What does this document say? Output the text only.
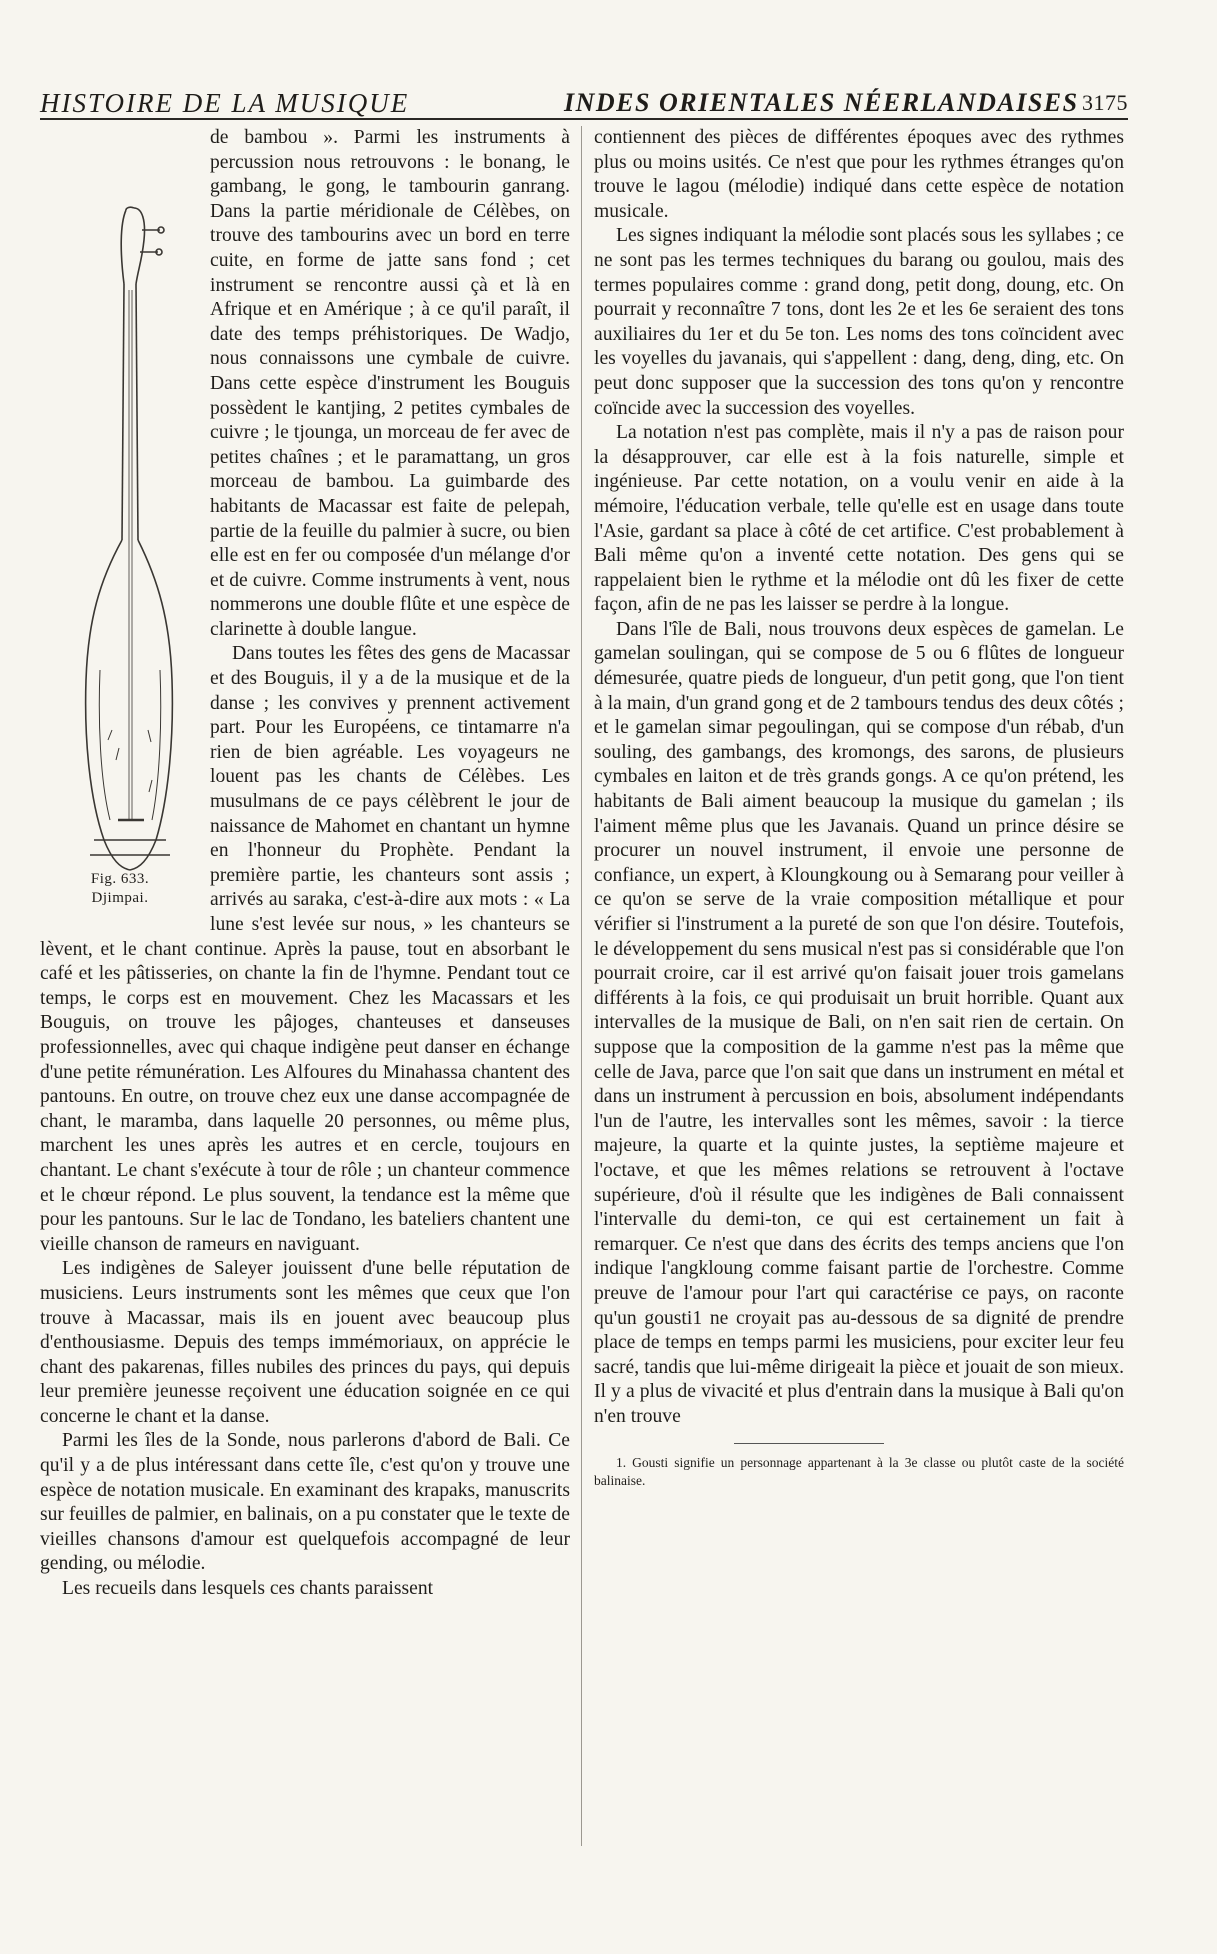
HISTOIRE DE LA MUSIQUE	INDES ORIENTALES NÉERLANDAISES 3175
Fig. 633.
Djimpai.

de bambou ». Parmi les instruments à percussion nous retrouvons : le bonang, le gambang, le gong, le tambourin ganrang. Dans la partie méridionale de Célèbes, on trouve des tambourins avec un bord en terre cuite, en forme de jatte sans fond ; cet instrument se rencontre aussi çà et là en Afrique et en Amérique ; à ce qu'il paraît, il date des temps préhistoriques. De Wadjo, nous connaissons une cymbale de cuivre. Dans cette espèce d'instrument les Bouguis possèdent le kantjing, 2 petites cymbales de cuivre ; le tjounga, un morceau de fer avec de petites chaînes ; et le paramattang, un gros morceau de bambou. La guimbarde des habitants de Macassar est faite de pelepah, partie de la feuille du palmier à sucre, ou bien elle est en fer ou composée d'un mélange d'or et de cuivre. Comme instruments à vent, nous nommerons une double flûte et une espèce de clarinette à double langue.

Dans toutes les fêtes des gens de Macassar et des Bouguis, il y a de la musique et de la danse ; les convives y prennent activement part. Pour les Européens, ce tintamarre n'a rien de bien agréable. Les voyageurs ne louent pas les chants de Célèbes. Les musulmans de ce pays célèbrent le jour de naissance de Mahomet en chantant un hymne en l'honneur du Prophète. Pendant la première partie, les chanteurs sont assis ; arrivés au saraka, c'est-à-dire aux mots : « La lune s'est levée sur nous, » les chanteurs se lèvent, et le chant continue. Après la pause, tout en absorbant le café et les pâtisseries, on chante la fin de l'hymne. Pendant tout ce temps, le corps est en mouvement. Chez les Macassars et les Bouguis, on trouve les pâjoges, chanteuses et danseuses professionnelles, avec qui chaque indigène peut danser en échange d'une petite rémunération. Les Alfoures du Minahassa chantent des pantouns. En outre, on trouve chez eux une danse accompagnée de chant, le maramba, dans laquelle 20 personnes, ou même plus, marchent les unes après les autres et en cercle, toujours en chantant. Le chant s'exécute à tour de rôle ; un chanteur commence et le chœur répond. Le plus souvent, la tendance est la même que pour les pantouns. Sur le lac de Tondano, les bateliers chantent une vieille chanson de rameurs en naviguant.

Les indigènes de Saleyer jouissent d'une belle réputation de musiciens. Leurs instruments sont les mêmes que ceux que l'on trouve à Macassar, mais ils en jouent avec beaucoup plus d'enthousiasme. Depuis des temps immémoriaux, on apprécie le chant des pakarenas, filles nubiles des princes du pays, qui depuis leur première jeunesse reçoivent une éducation soignée en ce qui concerne le chant et la danse.

Parmi les îles de la Sonde, nous parlerons d'abord de Bali. Ce qu'il y a de plus intéressant dans cette île, c'est qu'on y trouve une espèce de notation musicale. En examinant des krapaks, manuscrits sur feuilles de palmier, en balinais, on a pu constater que le texte de vieilles chansons d'amour est quelquefois accompagné de leur gending, ou mélodie.

Les recueils dans lesquels ces chants paraissent

contiennent des pièces de différentes époques avec des rythmes plus ou moins usités. Ce n'est que pour les rythmes étranges qu'on trouve le lagou (mélodie) indiqué dans cette espèce de notation musicale.

Les signes indiquant la mélodie sont placés sous les syllabes ; ce ne sont pas les termes techniques du barang ou goulou, mais des termes populaires comme : grand dong, petit dong, doung, etc. On pourrait y reconnaître 7 tons, dont les 2e et les 6e seraient des tons auxiliaires du 1er et du 5e ton. Les noms des tons coïncident avec les voyelles du javanais, qui s'appellent : dang, deng, ding, etc. On peut donc supposer que la succession des tons qu'on y rencontre coïncide avec la succession des voyelles.

La notation n'est pas complète, mais il n'y a pas de raison pour la désapprouver, car elle est à la fois naturelle, simple et ingénieuse. Par cette notation, on a voulu venir en aide à la mémoire, l'éducation verbale, telle qu'elle est en usage dans toute l'Asie, gardant sa place à côté de cet artifice. C'est probablement à Bali même qu'on a inventé cette notation. Des gens qui se rappelaient bien le rythme et la mélodie ont dû les fixer de cette façon, afin de ne pas les laisser se perdre à la longue.

Dans l'île de Bali, nous trouvons deux espèces de gamelan. Le gamelan soulingan, qui se compose de 5 ou 6 flûtes de longueur démesurée, quatre pieds de longueur, d'un petit gong, que l'on tient à la main, d'un grand gong et de 2 tambours tendus des deux côtés ; et le gamelan simar pegoulingan, qui se compose d'un rébab, d'un souling, des gambangs, des kromongs, des sarons, de plusieurs cymbales en laiton et de très grands gongs. A ce qu'on prétend, les habitants de Bali aiment beaucoup la musique du gamelan ; ils l'aiment même plus que les Javanais. Quand un prince désire se procurer un nouvel instrument, il envoie une personne de confiance, un expert, à Kloungkoung ou à Semarang pour veiller à ce qu'on se serve de la vraie composition métallique et pour vérifier si l'instrument a la pureté de son que l'on désire. Toutefois, le développement du sens musical n'est pas si considérable que l'on pourrait croire, car il est arrivé qu'on faisait jouer trois gamelans différents à la fois, ce qui produisait un bruit horrible. Quant aux intervalles de la musique de Bali, on n'en sait rien de certain. On suppose que la composition de la gamme n'est pas la même que celle de Java, parce que l'on sait que dans un instrument en métal et dans un instrument à percussion en bois, absolument indépendants l'un de l'autre, les intervalles sont les mêmes, savoir : la tierce majeure, la quarte et la quinte justes, la septième majeure et l'octave, et que les mêmes relations se retrouvent à l'octave supérieure, d'où il résulte que les indigènes de Bali connaissent l'intervalle du demi-ton, ce qui est certainement un fait à remarquer. Ce n'est que dans des écrits des temps anciens que l'on indique l'angkloung comme faisant partie de l'orchestre. Comme preuve de l'amour pour l'art qui caractérise ce pays, on raconte qu'un gousti1 ne croyait pas au-dessous de sa dignité de prendre place de temps en temps parmi les musiciens, pour exciter leur feu sacré, tandis que lui-même dirigeait la pièce et jouait de son mieux. Il y a plus de vivacité et plus d'entrain dans la musique à Bali qu'on n'en trouve

1. Gousti signifie un personnage appartenant à la 3e classe ou plutôt caste de la société balinaise.
